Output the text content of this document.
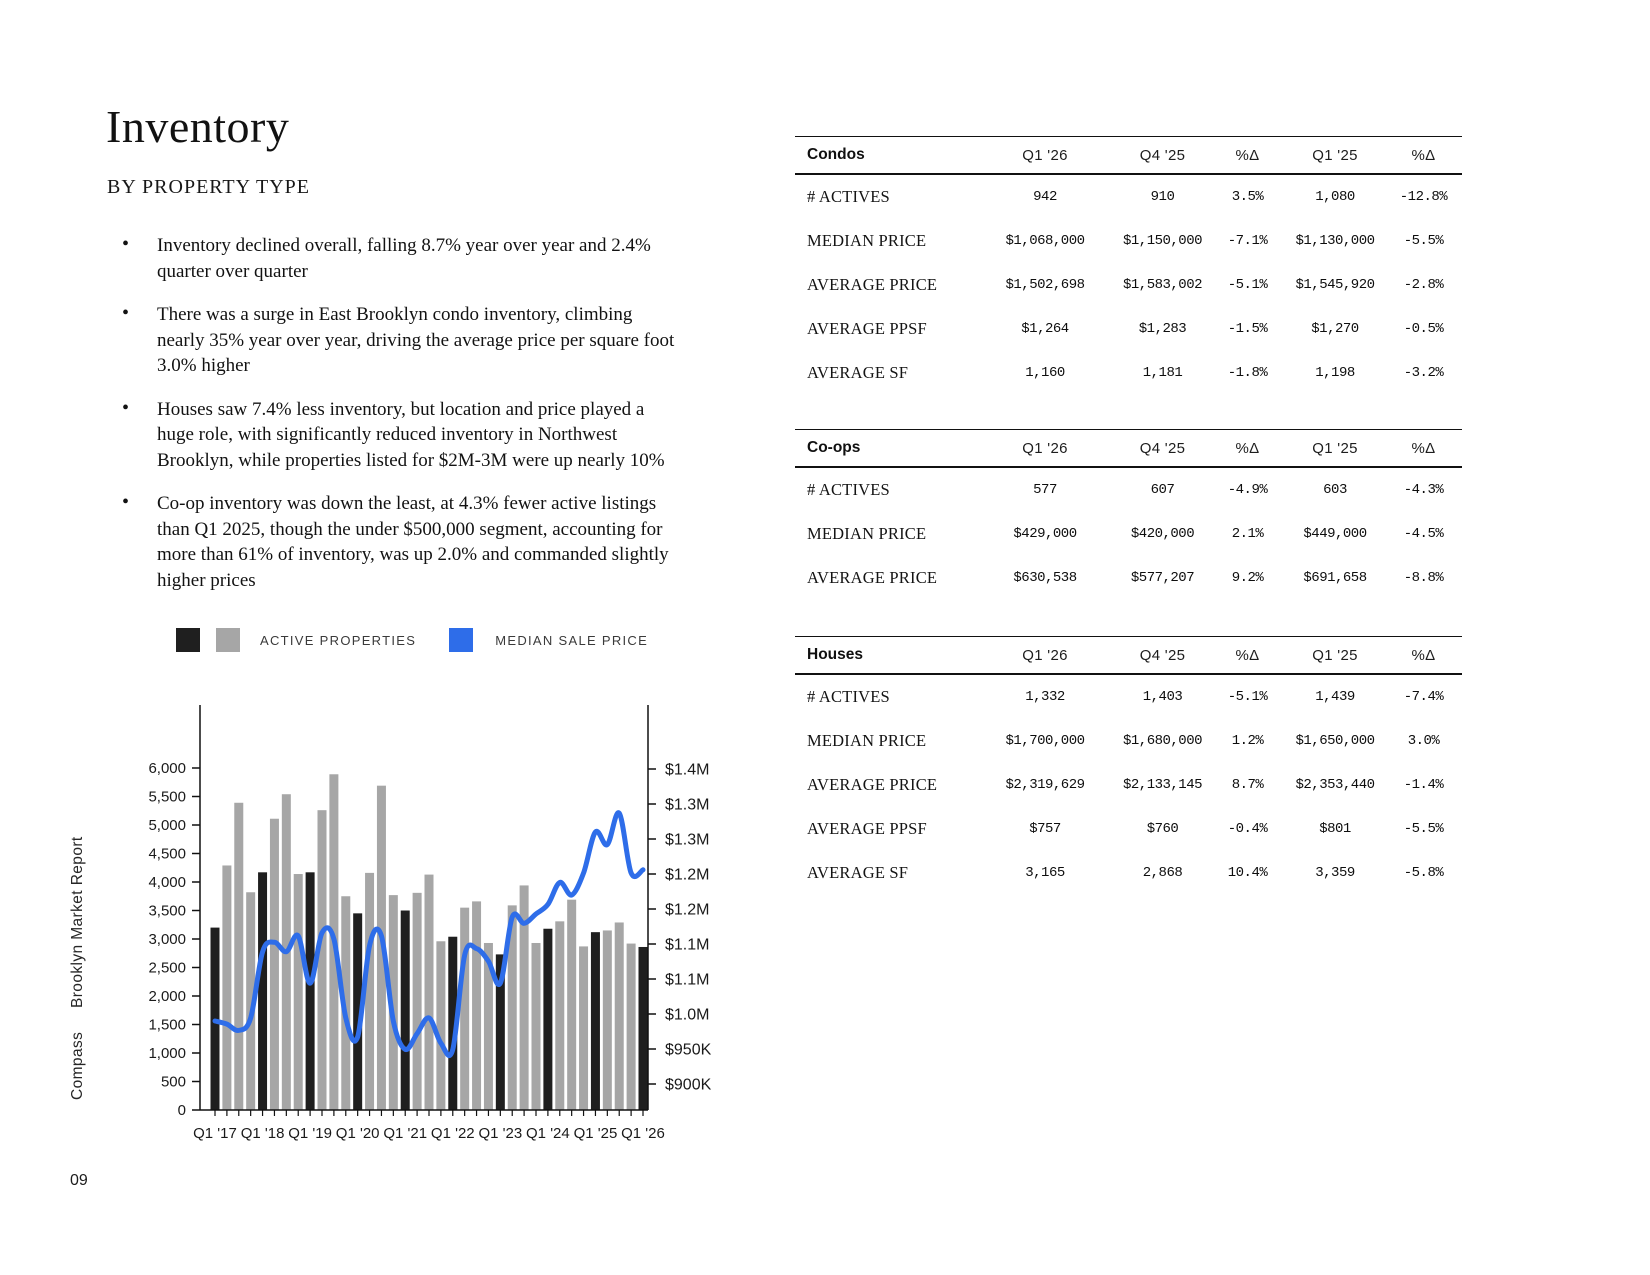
Inventory
BY PROPERTY TYPE
• Inventory declined overall, falling 8.7% year over year and 2.4% quarter over quarter
• There was a surge in East Brooklyn condo inventory, climbing nearly 35% year over year, driving the average price per square foot 3.0% higher
• Houses saw 7.4% less inventory, but location and price played a huge role, with significantly reduced inventory in Northwest Brooklyn, while properties listed for $2M-3M were up nearly 10%
• Co-op inventory was down the least, at 4.3% fewer active listings than Q1 2025, though the under $500,000 segment, accounting for more than 61% of inventory, was up 2.0% and commanded slightly higher prices
ACTIVE PROPERTIES	MEDIAN SALE PRICE
6,000
5,500
5,000
4,500
4,000
3,500
3,000
2,500
2,000
1,500
1,000
500
0
$1.4M
$1.3M
$1.3M
$1.2M
$1.2M
$1.1M
$1.1M
$1.0M
$950K
$900K
Q1 '17 Q1 '18 Q1 '19 Q1 '20 Q1 '21 Q1 '22 Q1 '23 Q1 '24 Q1 '25 Q1 '26
Brooklyn Market Report
Compass
09
Condos	Q1 '26	Q4 '25	%Δ	Q1 '25	%Δ
# ACTIVES	942	910	3.5%	1,080	-12.8%
MEDIAN PRICE	$1,068,000	$1,150,000	-7.1%	$1,130,000	-5.5%
AVERAGE PRICE	$1,502,698	$1,583,002	-5.1%	$1,545,920	-2.8%
AVERAGE PPSF	$1,264	$1,283	-1.5%	$1,270	-0.5%
AVERAGE SF	1,160	1,181	-1.8%	1,198	-3.2%
Co-ops	Q1 '26	Q4 '25	%Δ	Q1 '25	%Δ
# ACTIVES	577	607	-4.9%	603	-4.3%
MEDIAN PRICE	$429,000	$420,000	2.1%	$449,000	-4.5%
AVERAGE PRICE	$630,538	$577,207	9.2%	$691,658	-8.8%
Houses	Q1 '26	Q4 '25	%Δ	Q1 '25	%Δ
# ACTIVES	1,332	1,403	-5.1%	1,439	-7.4%
MEDIAN PRICE	$1,700,000	$1,680,000	1.2%	$1,650,000	3.0%
AVERAGE PRICE	$2,319,629	$2,133,145	8.7%	$2,353,440	-1.4%
AVERAGE PPSF	$757	$760	-0.4%	$801	-5.5%
AVERAGE SF	3,165	2,868	10.4%	3,359	-5.8%
